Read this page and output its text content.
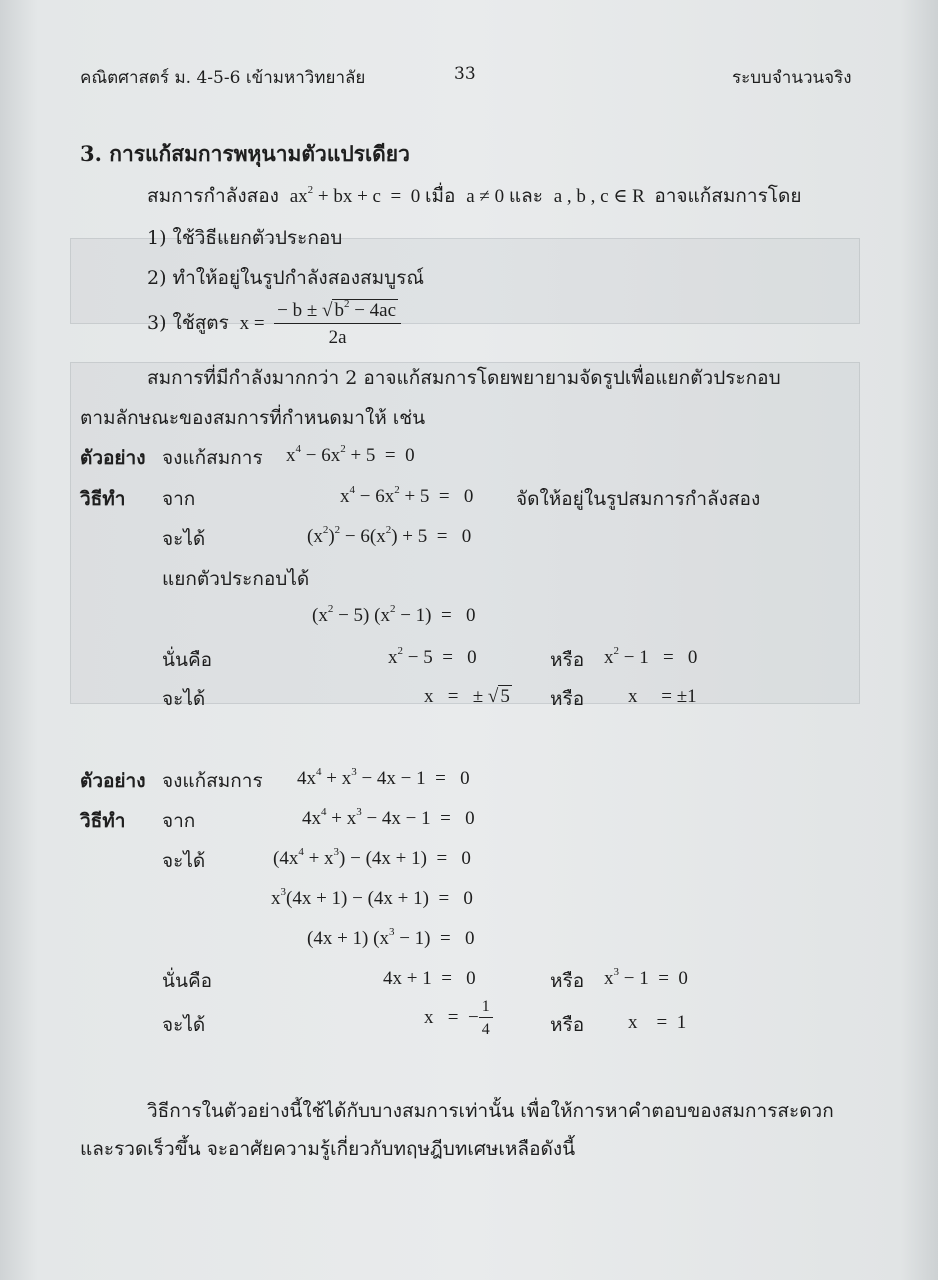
คณิตศาสตร์ ม. 4-5-6 เข้ามหาวิทยาลัย	33	ระบบจำนวนจริง
3. การแก้สมการพหุนามตัวแปรเดียว
สมการกำลังสอง  $ax^2$ + bx + c  =  0 เมื่อ  a ≠ 0 และ  a , b , c ∈ R  อาจแก้สมการโดย
1) ใช้วิธีแยกตัวประกอบ
2) ทำให้อยู่ในรูปกำลังสองสมบูรณ์
3) ใช้สูตร  $x = \frac{- b \pm √ b^2 - 4ac}{2a}$
สมการที่มีกำลังมากกว่า 2 อาจแก้สมการโดยพยายามจัดรูปเพื่อแยกตัวประกอบ
ตามลักษณะของสมการที่กำหนดมาให้ เช่น
ตัวอย่าง จงแก้สมการ $x^4 - 6x^2 + 5 = 0$
วิธีทำ จาก	$x^4 - 6x^2 + 5 = 0$ จัดให้อยู่ในรูปสมการกำลังสอง
จะได้	$(x^2)^2 - 6(x^2) + 5 = 0$
แยกตัวประกอบได้
$(x^2 - 5) (x^2 - 1) = 0$
นั่นคือ	$x^2 - 5 = 0$	หรือ $x^2 - 1 = 0$
จะได้	x   =   ± √ 5 หรือ x     = ±1
ตัวอย่าง จงแก้สมการ $4x^4 + x^3 - 4x - 1 = 0$
วิธีทำ จาก	$4x^4 + x^3 - 4x - 1 = 0$
จะได้	$(4x^4 + x^3) - (4x + 1) = 0$
$x^3(4x + 1) - (4x + 1) = 0$
(4x + 1) $(x^3 - 1) = 0$
นั่นคือ	4x + 1  =   0	หรือ $x^3 - 1 = 0$
จะได้	x   =  − $\frac{1}{4}$	หรือ x    =  1
วิธีการในตัวอย่างนี้ใช้ได้กับบางสมการเท่านั้น เพื่อให้การหาคำตอบของสมการสะดวก
และรวดเร็วขึ้น จะอาศัยความรู้เกี่ยวกับทฤษฎีบทเศษเหลือดังนี้
